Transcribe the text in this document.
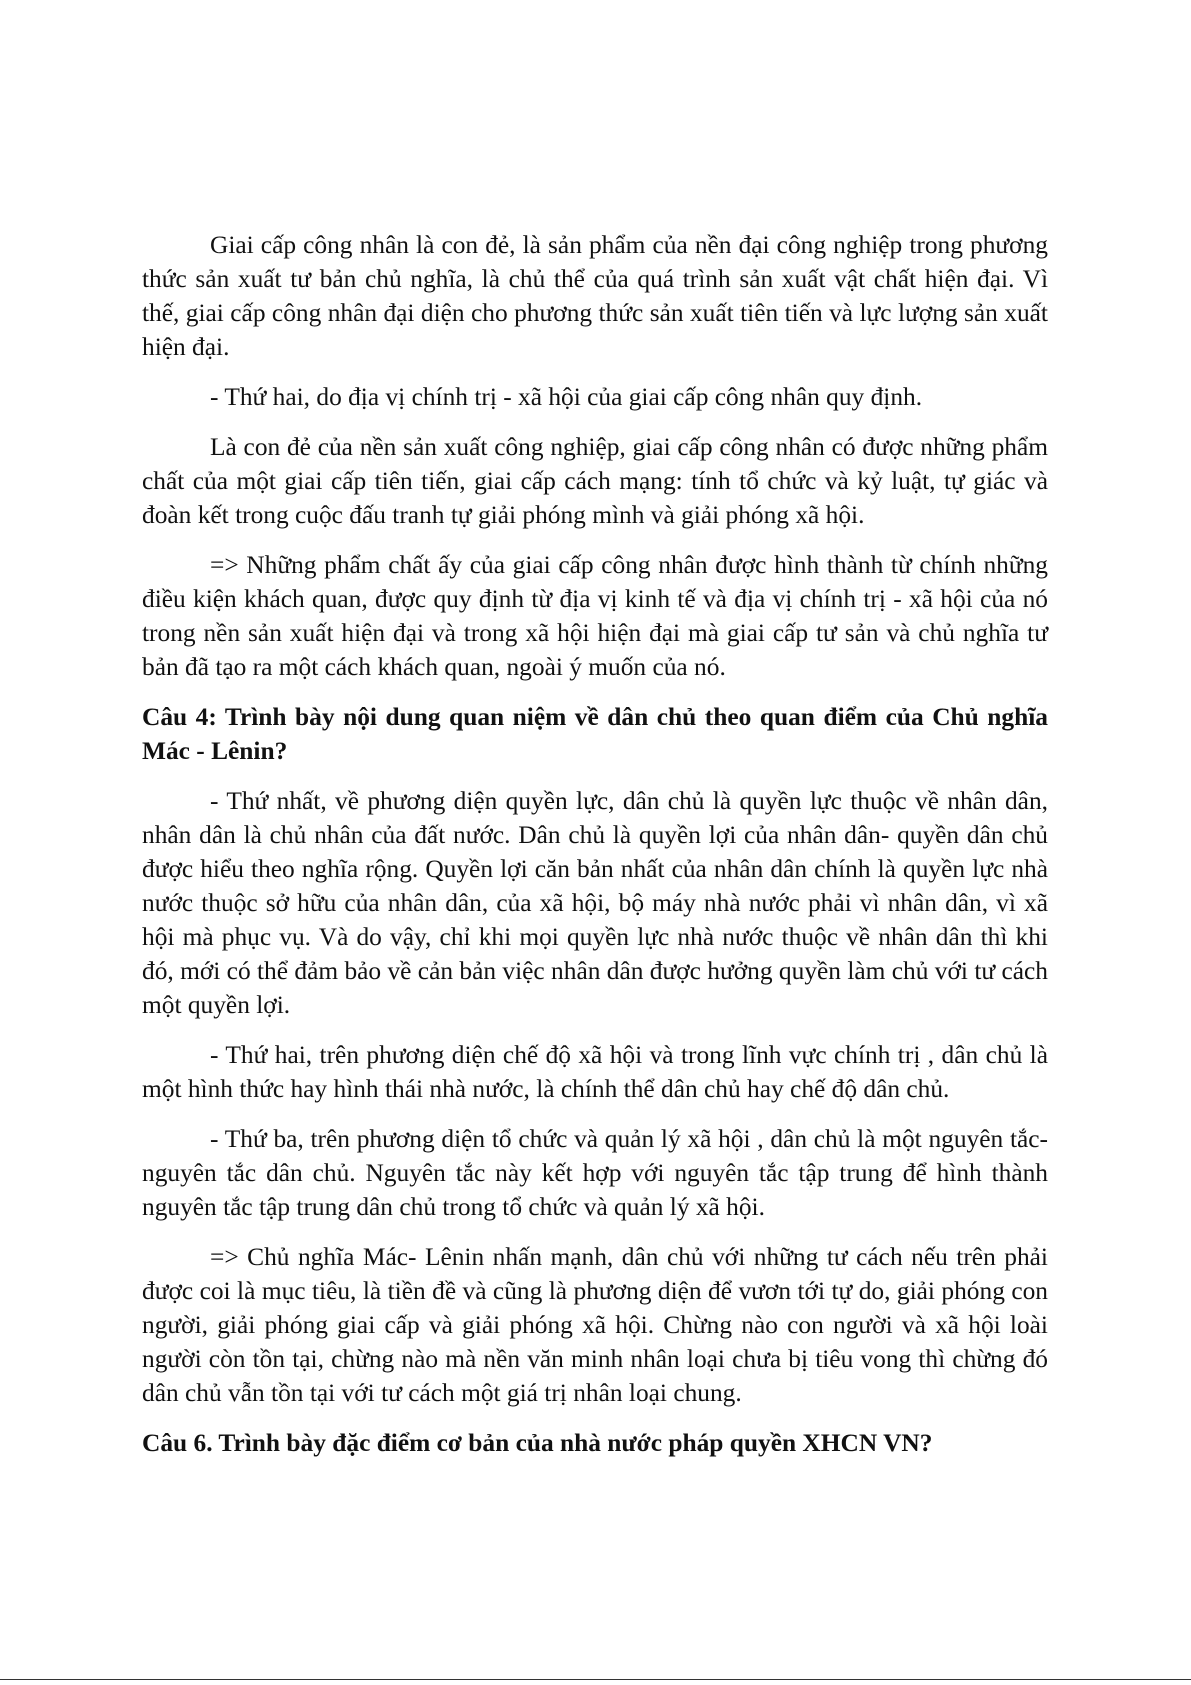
Giai cấp công nhân là con đẻ, là sản phẩm của nền đại công nghiệp trong phương thức sản xuất tư bản chủ nghĩa, là chủ thể của quá trình sản xuất vật chất hiện đại. Vì thế, giai cấp công nhân đại diện cho phương thức sản xuất tiên tiến và lực lượng sản xuất hiện đại.

- Thứ hai, do địa vị chính trị - xã hội của giai cấp công nhân quy định.

Là con đẻ của nền sản xuất công nghiệp, giai cấp công nhân có được những phẩm chất của một giai cấp tiên tiến, giai cấp cách mạng: tính tổ chức và kỷ luật, tự giác và đoàn kết trong cuộc đấu tranh tự giải phóng mình và giải phóng xã hội.

=> Những phẩm chất ấy của giai cấp công nhân được hình thành từ chính những điều kiện khách quan, được quy định từ địa vị kinh tế và địa vị chính trị - xã hội của nó trong nền sản xuất hiện đại và trong xã hội hiện đại mà giai cấp tư sản và chủ nghĩa tư bản đã tạo ra một cách khách quan, ngoài ý muốn của nó.

Câu 4: Trình bày nội dung quan niệm về dân chủ theo quan điểm của Chủ nghĩa Mác - Lênin?

- Thứ nhất, về phương diện quyền lực, dân chủ là quyền lực thuộc về nhân dân, nhân dân là chủ nhân của đất nước. Dân chủ là quyền lợi của nhân dân- quyền dân chủ được hiểu theo nghĩa rộng. Quyền lợi căn bản nhất của nhân dân chính là quyền lực nhà nước thuộc sở hữu của nhân dân, của xã hội, bộ máy nhà nước phải vì nhân dân, vì xã hội mà phục vụ. Và do vậy, chỉ khi mọi quyền lực nhà nước thuộc về nhân dân thì khi đó, mới có thể đảm bảo về cản bản việc nhân dân được hưởng quyền làm chủ với tư cách một quyền lợi.

- Thứ hai, trên phương diện chế độ xã hội và trong lĩnh vực chính trị , dân chủ là một hình thức hay hình thái nhà nước, là chính thể dân chủ hay chế độ dân chủ.

- Thứ ba, trên phương diện tổ chức và quản lý xã hội , dân chủ là một nguyên tắc- nguyên tắc dân chủ. Nguyên tắc này kết hợp với nguyên tắc tập trung để hình thành nguyên tắc tập trung dân chủ trong tổ chức và quản lý xã hội.

=> Chủ nghĩa Mác- Lênin nhấn mạnh, dân chủ với những tư cách nếu trên phải được coi là mục tiêu, là tiền đề và cũng là phương diện để vươn tới tự do, giải phóng con người, giải phóng giai cấp và giải phóng xã hội. Chừng nào con người và xã hội loài người còn tồn tại, chừng nào mà nền văn minh nhân loại chưa bị tiêu vong thì chừng đó dân chủ vẫn tồn tại với tư cách một giá trị nhân loại chung.

Câu 6. Trình bày đặc điểm cơ bản của nhà nước pháp quyền XHCN VN?
